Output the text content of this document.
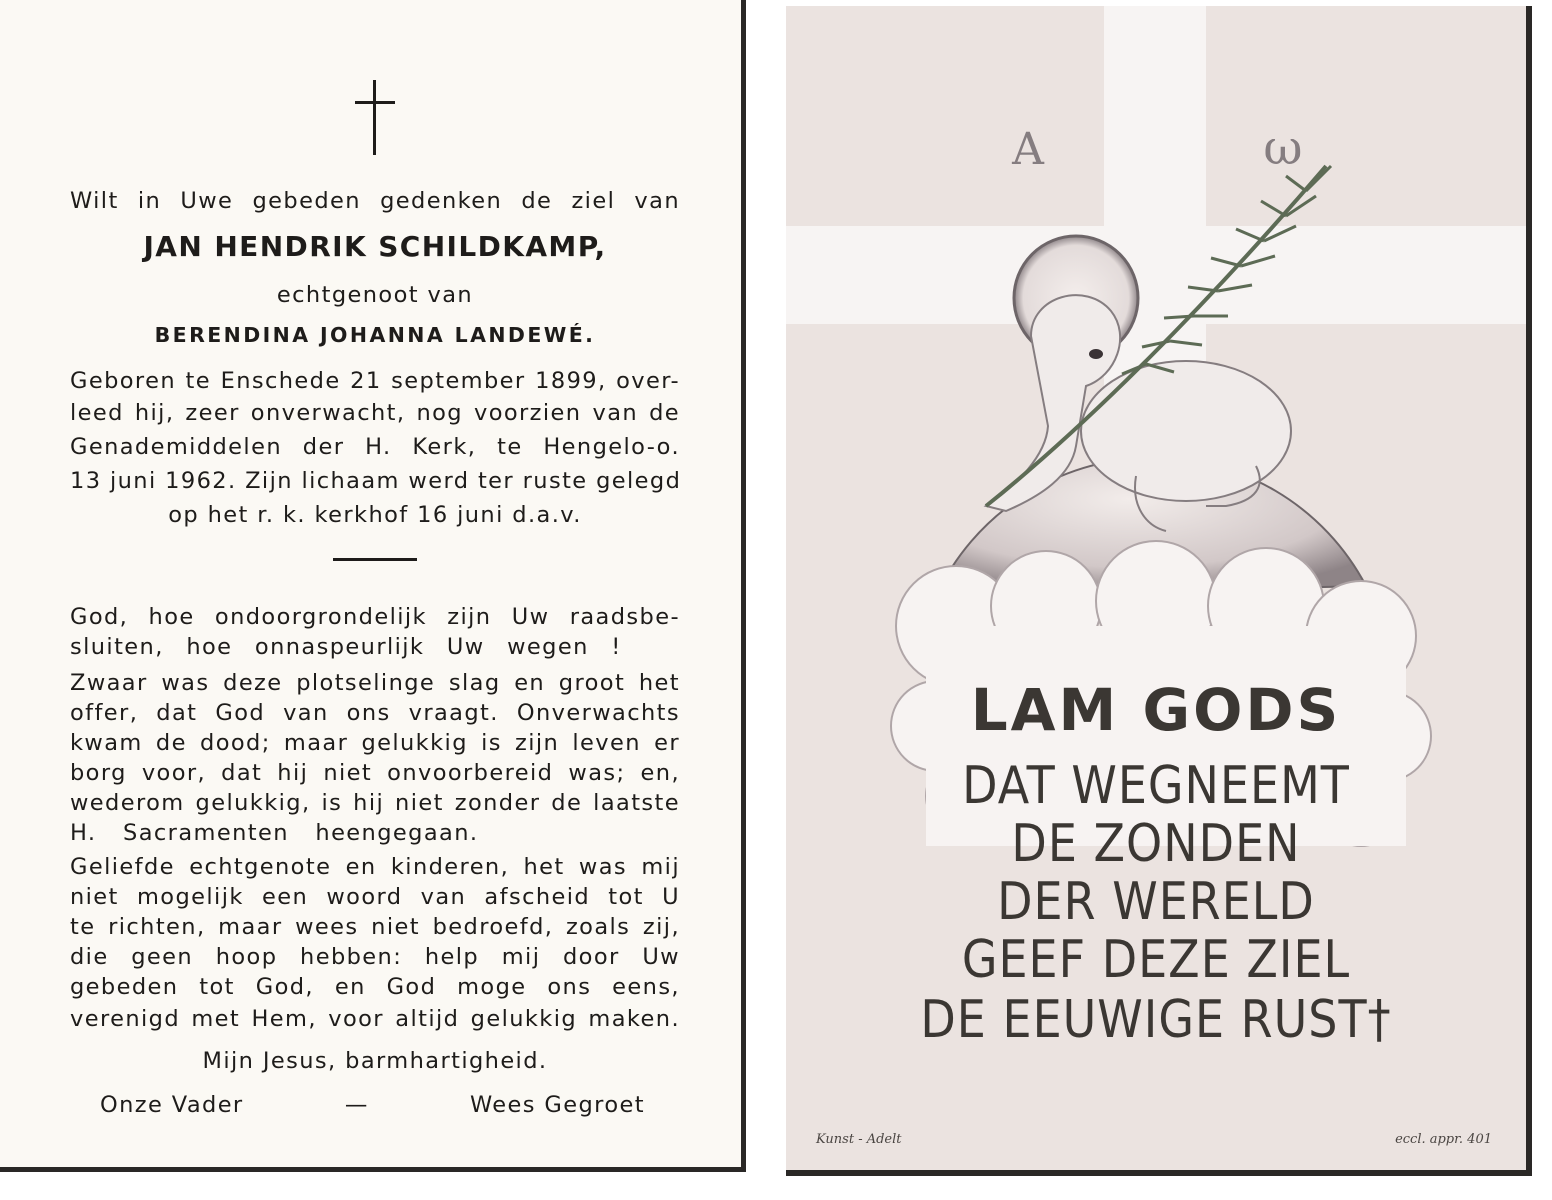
Wilt in Uwe gebeden gedenken de ziel van
JAN HENDRIK SCHILDKAMP,
echtgenoot van
BERENDINA JOHANNA LANDEWÉ.
Geboren te Enschede 21 september 1899, over-
leed hij, zeer onverwacht, nog voorzien van de
Genademiddelen der H. Kerk, te Hengelo-o.
13 juni 1962. Zijn lichaam werd ter ruste gelegd
op het r. k. kerkhof 16 juni d.a.v.
God, hoe ondoorgrondelijk zijn Uw raadsbe-
sluiten, hoe onnaspeurlijk Uw wegen !
Zwaar was deze plotselinge slag en groot het
offer, dat God van ons vraagt. Onverwachts
kwam de dood; maar gelukkig is zijn leven er
borg voor, dat hij niet onvoorbereid was; en,
wederom gelukkig, is hij niet zonder de laatste
H. Sacramenten heengegaan.
Geliefde echtgenote en kinderen, het was mij
niet mogelijk een woord van afscheid tot U
te richten, maar wees niet bedroefd, zoals zij,
die geen hoop hebben: help mij door Uw
gebeden tot God, en God moge ons eens,
verenigd met Hem, voor altijd gelukkig maken.
Mijn Jesus, barmhartigheid.
Onze Vader	—	Wees Gegroet
A	ω
LAM GODS
DAT WEGNEEMT
DE ZONDEN
DER WERELD
GEEF DEZE ZIEL
DE EEUWIGE RUST†
Kunst - Adelt	eccl. appr. 401
